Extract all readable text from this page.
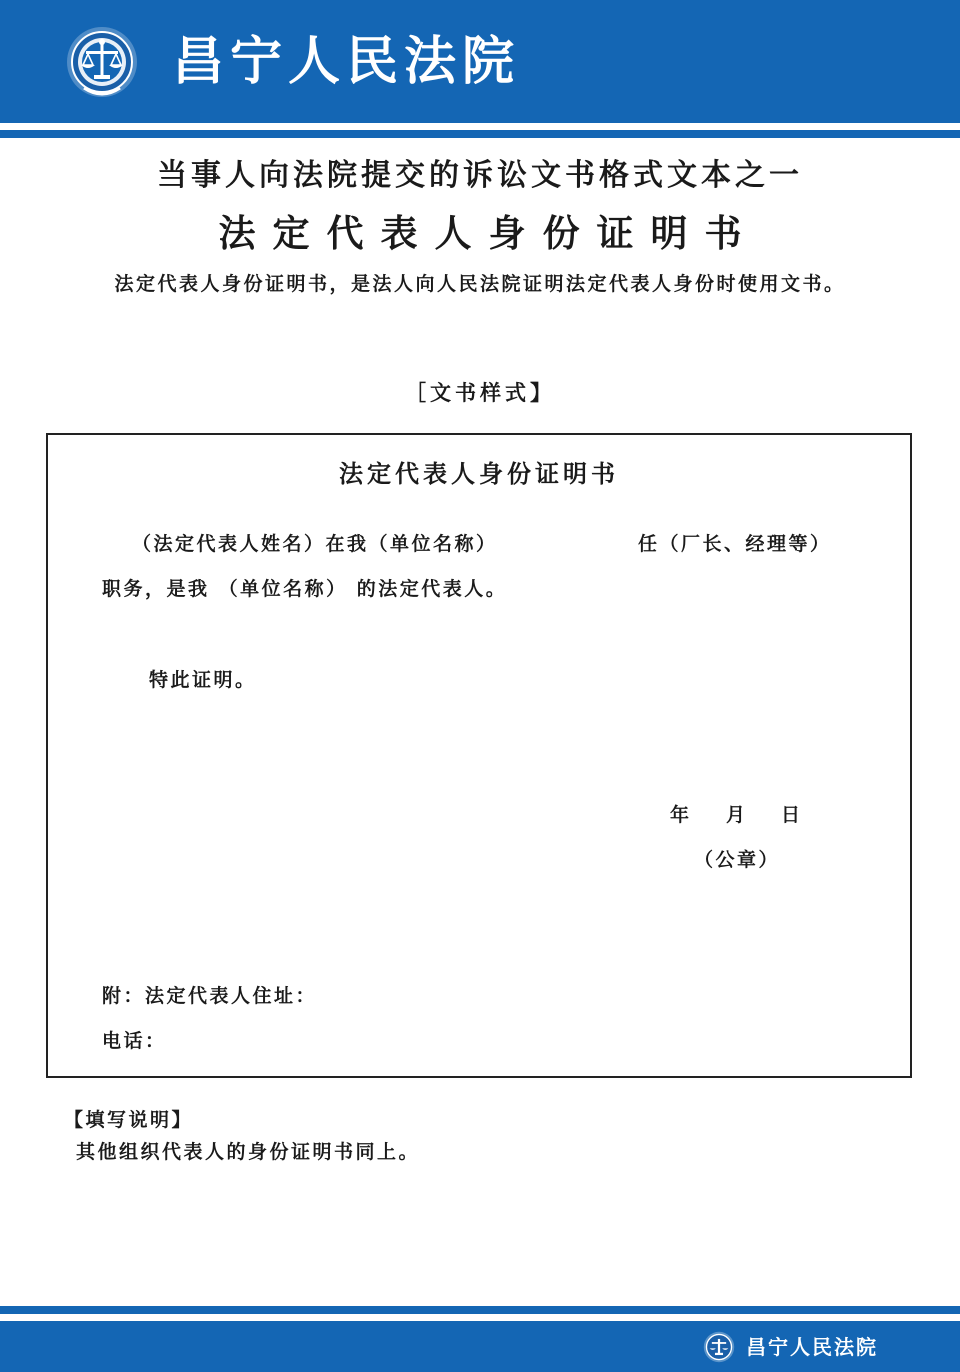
昌宁人民法院
当事人向法院提交的诉讼文书格式文本之一
法定代表人身份证明书
法定代表人身份证明书，是法人向人民法院证明法定代表人身份时使用文书。
［文书样式】
法定代表人身份证明书
（法定代表人姓名）在我（单位名称）	任（厂长、经理等）
职务，是我 （单位名称） 的法定代表人。
特此证明。
年 月 日
（公章）
附：法定代表人住址：
电话：
【填写说明】
其他组织代表人的身份证明书同上。
昌宁人民法院
